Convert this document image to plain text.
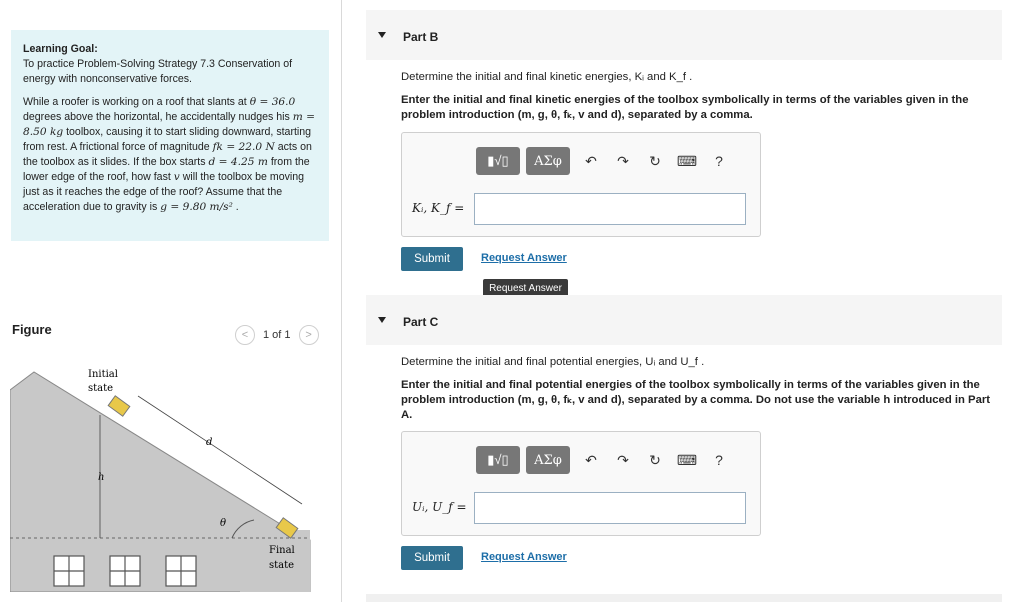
Learning Goal:

To practice Problem-Solving Strategy 7.3 Conservation of energy with nonconservative forces.

While a roofer is working on a roof that slants at θ = 36.0 degrees above the horizontal, he accidentally nudges his m = 8.50 kg toolbox, causing it to start sliding downward, starting from rest. A frictional force of magnitude fk = 22.0 N acts on the toolbox as it slides. If the box starts d = 4.25 m from the lower edge of the roof, how fast v will the toolbox be moving just as it reaches the edge of the roof? Assume that the acceleration due to gravity is g = 9.80 m/s² .

Figure	<	1 of 1	>
Initial
state
d
h
θ
Final
state
Part B
Determine the initial and final kinetic energies, Kᵢ and K_f .
Enter the initial and final kinetic energies of the toolbox symbolically in terms of the variables given in the problem introduction (m, g, θ, fₖ, v and d), separated by a comma.
▮√▯	ΑΣφ	↶	↷	↻	⌨	?
Kᵢ, K_f =
Submit	Request Answer
Request Answer
Part C
Determine the initial and final potential energies, Uᵢ and U_f .
Enter the initial and final potential energies of the toolbox symbolically in terms of the variables given in the problem introduction (m, g, θ, fₖ, v and d), separated by a comma. Do not use the variable h introduced in Part A.
▮√▯	ΑΣφ	↶	↷	↻	⌨	?
Uᵢ, U_f =
Submit	Request Answer
